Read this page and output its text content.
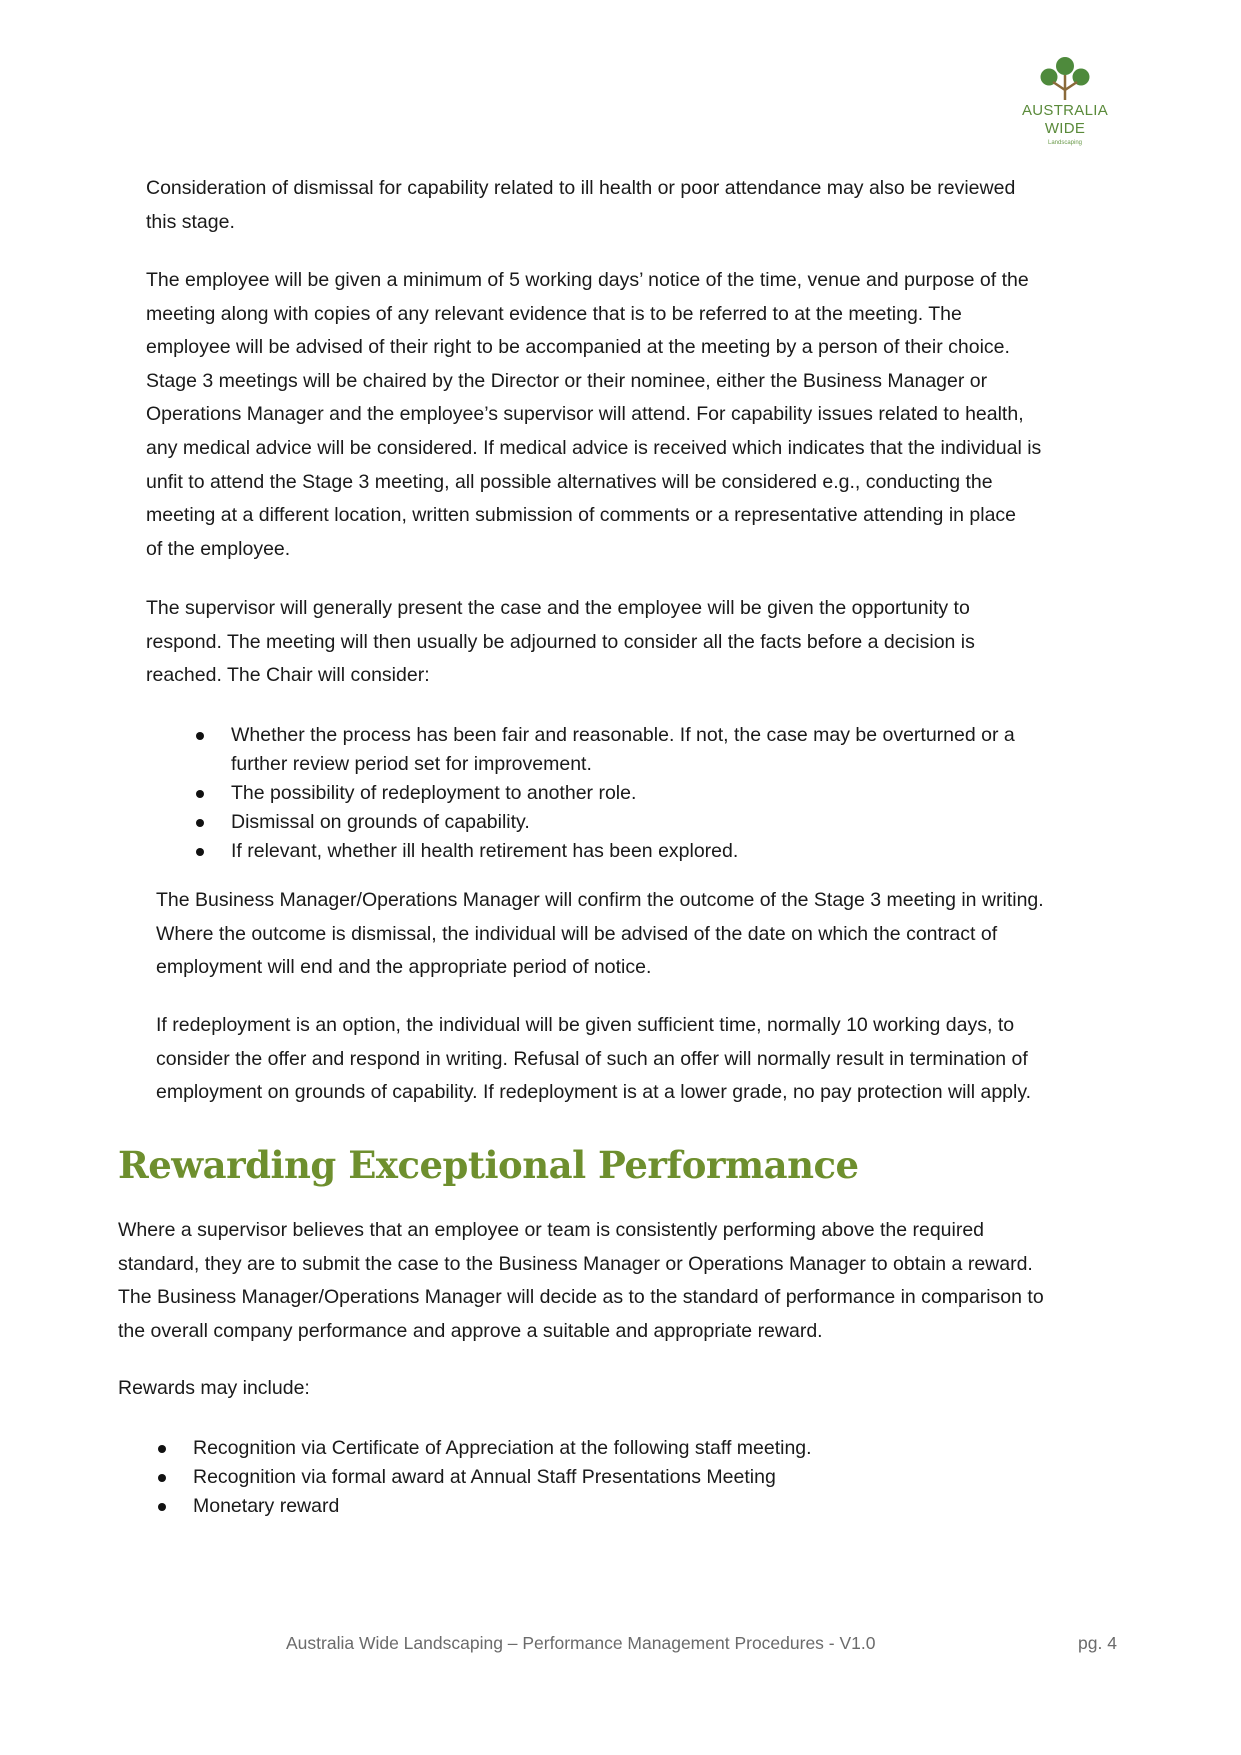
AUSTRALIA
WIDE
Landscaping

Consideration of dismissal for capability related to ill health or poor attendance may also be reviewed
this stage.

The employee will be given a minimum of 5 working days’ notice of the time, venue and purpose of the
meeting along with copies of any relevant evidence that is to be referred to at the meeting. The
employee will be advised of their right to be accompanied at the meeting by a person of their choice.
Stage 3 meetings will be chaired by the Director or their nominee, either the Business Manager or
Operations Manager and the employee’s supervisor will attend. For capability issues related to health,
any medical advice will be considered. If medical advice is received which indicates that the individual is
unfit to attend the Stage 3 meeting, all possible alternatives will be considered e.g., conducting the
meeting at a different location, written submission of comments or a representative attending in place
of the employee.

The supervisor will generally present the case and the employee will be given the opportunity to
respond. The meeting will then usually be adjourned to consider all the facts before a decision is
reached. The Chair will consider:

Whether the process has been fair and reasonable. If not, the case may be overturned or a
further review period set for improvement.
The possibility of redeployment to another role.
Dismissal on grounds of capability.
If relevant, whether ill health retirement has been explored.

The Business Manager/Operations Manager will confirm the outcome of the Stage 3 meeting in writing.
Where the outcome is dismissal, the individual will be advised of the date on which the contract of
employment will end and the appropriate period of notice.

If redeployment is an option, the individual will be given sufficient time, normally 10 working days, to
consider the offer and respond in writing. Refusal of such an offer will normally result in termination of
employment on grounds of capability. If redeployment is at a lower grade, no pay protection will apply.

Rewarding Exceptional Performance

Where a supervisor believes that an employee or team is consistently performing above the required
standard, they are to submit the case to the Business Manager or Operations Manager to obtain a reward.
The Business Manager/Operations Manager will decide as to the standard of performance in comparison to
the overall company performance and approve a suitable and appropriate reward.

Rewards may include:

Recognition via Certificate of Appreciation at the following staff meeting.
Recognition via formal award at Annual Staff Presentations Meeting
Monetary reward
Australia Wide Landscaping – Performance Management Procedures - V1.0	pg. 4
